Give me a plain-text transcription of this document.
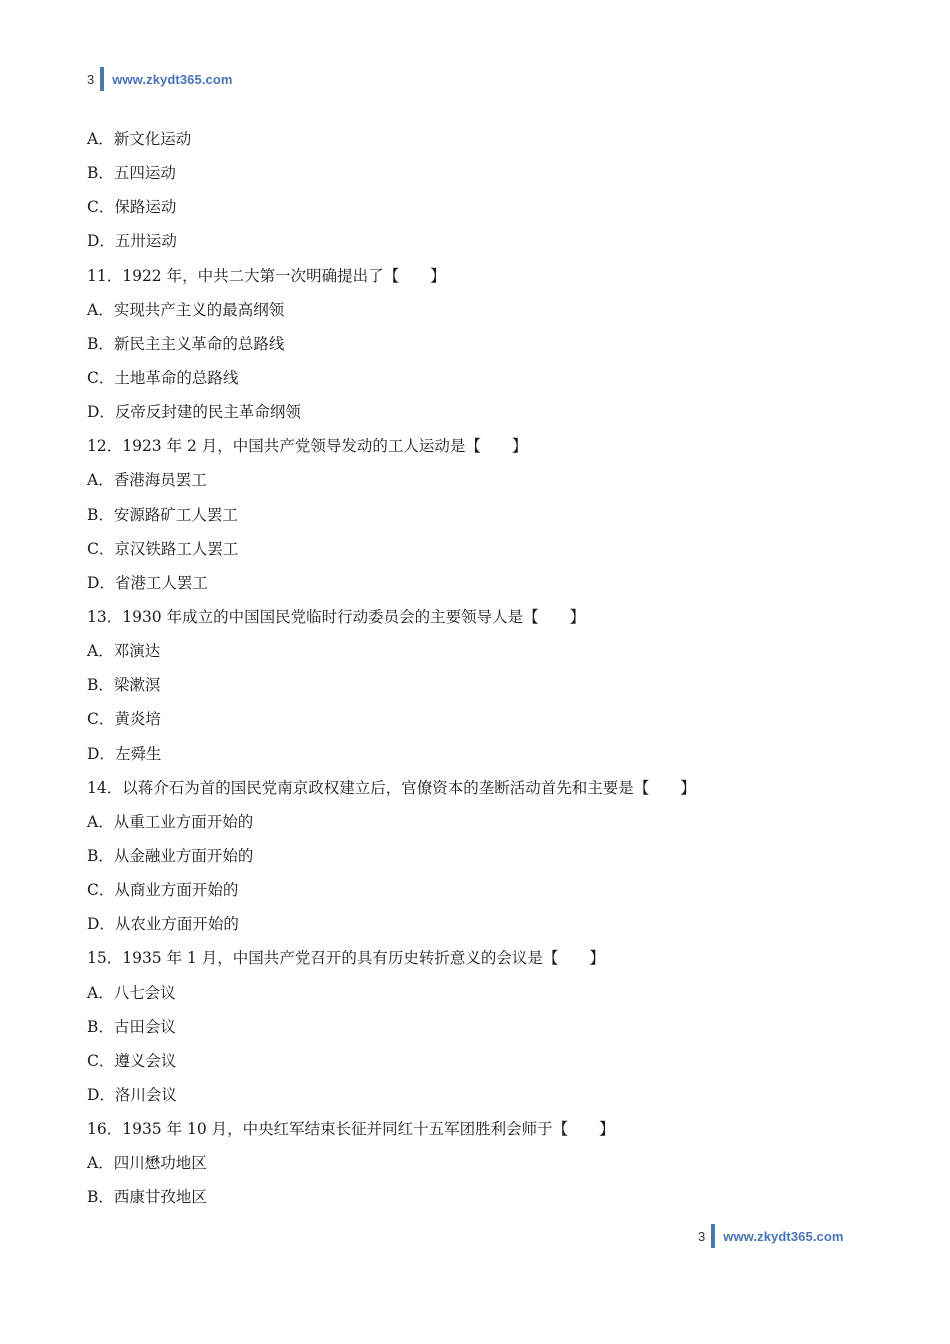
3 www.zkydt365.com
A．新文化运动
B．五四运动
C．保路运动
D．五卅运动
11．1922 年，中共二大第一次明确提出了【　　】
A．实现共产主义的最高纲领
B．新民主主义革命的总路线
C．土地革命的总路线
D．反帝反封建的民主革命纲领
12．1923 年 2 月，中国共产党领导发动的工人运动是【　　】
A．香港海员罢工
B．安源路矿工人罢工
C．京汉铁路工人罢工
D．省港工人罢工
13．1930 年成立的中国国民党临时行动委员会的主要领导人是【　　】
A．邓演达
B．梁漱溟
C．黄炎培
D．左舜生
14．以蒋介石为首的国民党南京政权建立后，官僚资本的垄断活动首先和主要是【　　】
A．从重工业方面开始的
B．从金融业方面开始的
C．从商业方面开始的
D．从农业方面开始的
15．1935 年 1 月，中国共产党召开的具有历史转折意义的会议是【　　】
A．八七会议
B．古田会议
C．遵义会议
D．洛川会议
16．1935 年 10 月，中央红军结束长征并同红十五军团胜利会师于【　　】
A．四川懋功地区
B．西康甘孜地区
3 www.zkydt365.com
